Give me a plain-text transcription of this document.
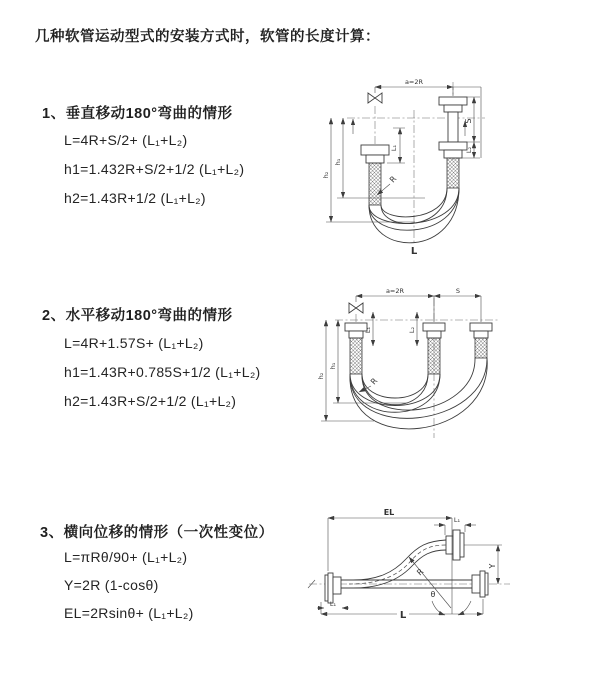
几种软管运动型式的安装方式时，软管的长度计算：
1、垂直移动180°弯曲的情形
L=4R+S/2+ (L₁+L₂)
h1=1.432R+S/2+1/2 (L₁+L₂)
h2=1.43R+1/2 (L₁+L₂)
2、水平移动180°弯曲的情形
L=4R+1.57S+ (L₁+L₂)
h1=1.43R+0.785S+1/2 (L₁+L₂)
h2=1.43R+S/2+1/2 (L₁+L₂)
3、横向位移的情形（一次性变位）
L=πRθ/90+ (L₁+L₂)
Y=2R (1-cosθ)
EL=2Rsinθ+ (L₁+L₂)
a=2R
L₁
S
L₂
h₁
h₂	R
L
a=2R	S
L₁	L₂
h₁
h₂
R
EL
L₁
Y
R
θ
L
L₁
